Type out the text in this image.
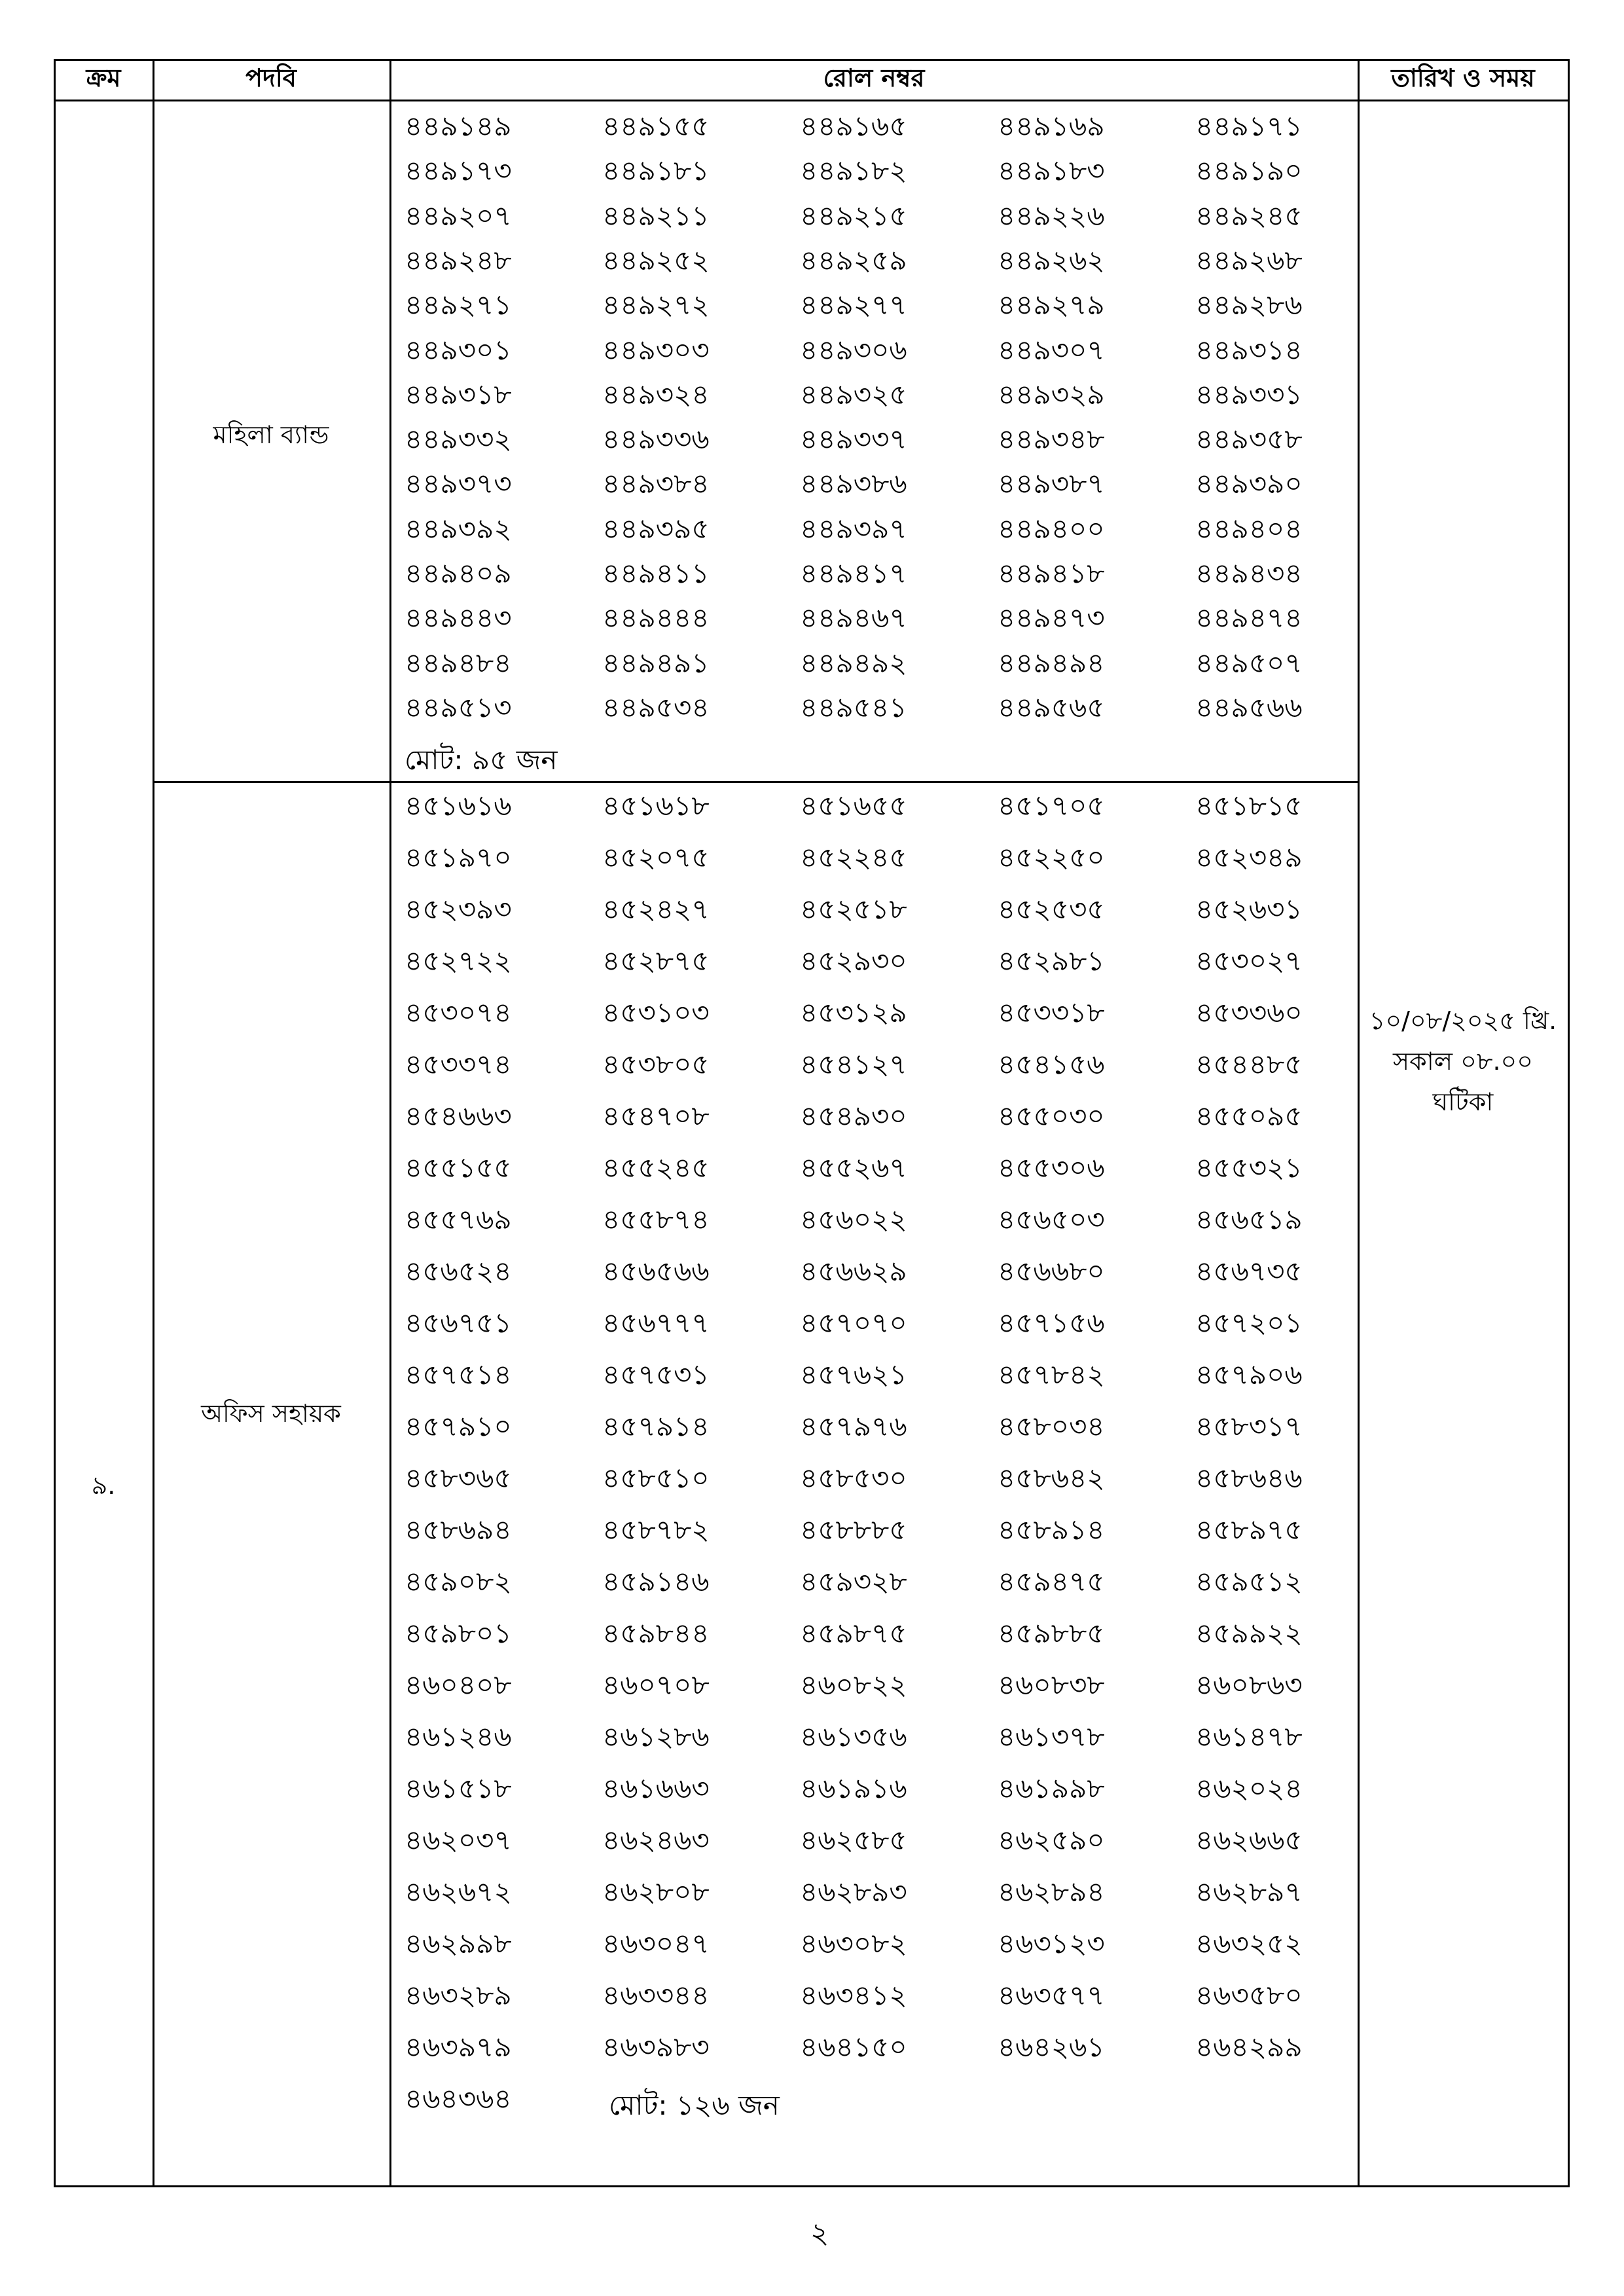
ক্রম	পদবি	রোল নম্বর	তারিখ ও সময়
মহিলা ব্যান্ড
৪৪৯১৪৯	৪৪৯১৫৫	৪৪৯১৬৫	৪৪৯১৬৯	৪৪৯১৭১
৪৪৯১৭৩	৪৪৯১৮১	৪৪৯১৮২	৪৪৯১৮৩	৪৪৯১৯০
৪৪৯২০৭	৪৪৯২১১	৪৪৯২১৫	৪৪৯২২৬	৪৪৯২৪৫
৪৪৯২৪৮	৪৪৯২৫২	৪৪৯২৫৯	৪৪৯২৬২	৪৪৯২৬৮
৪৪৯২৭১	৪৪৯২৭২	৪৪৯২৭৭	৪৪৯২৭৯	৪৪৯২৮৬
৪৪৯৩০১	৪৪৯৩০৩	৪৪৯৩০৬	৪৪৯৩০৭	৪৪৯৩১৪
৪৪৯৩১৮	৪৪৯৩২৪	৪৪৯৩২৫	৪৪৯৩২৯	৪৪৯৩৩১
৪৪৯৩৩২	৪৪৯৩৩৬	৪৪৯৩৩৭	৪৪৯৩৪৮	৪৪৯৩৫৮
৪৪৯৩৭৩	৪৪৯৩৮৪	৪৪৯৩৮৬	৪৪৯৩৮৭	৪৪৯৩৯০
৪৪৯৩৯২	৪৪৯৩৯৫	৪৪৯৩৯৭	৪৪৯৪০০	৪৪৯৪০৪
৪৪৯৪০৯	৪৪৯৪১১	৪৪৯৪১৭	৪৪৯৪১৮	৪৪৯৪৩৪
৪৪৯৪৪৩	৪৪৯৪৪৪	৪৪৯৪৬৭	৪৪৯৪৭৩	৪৪৯৪৭৪
৪৪৯৪৮৪	৪৪৯৪৯১	৪৪৯৪৯২	৪৪৯৪৯৪	৪৪৯৫০৭
৪৪৯৫১৩	৪৪৯৫৩৪	৪৪৯৫৪১	৪৪৯৫৬৫	৪৪৯৫৬৬
মোট: ৯৫ জন
৯.
অফিস সহায়ক
৪৫১৬১৬	৪৫১৬১৮	৪৫১৬৫৫	৪৫১৭০৫	৪৫১৮১৫
৪৫১৯৭০	৪৫২০৭৫	৪৫২২৪৫	৪৫২২৫০	৪৫২৩৪৯
৪৫২৩৯৩	৪৫২৪২৭	৪৫২৫১৮	৪৫২৫৩৫	৪৫২৬৩১
৪৫২৭২২	৪৫২৮৭৫	৪৫২৯৩০	৪৫২৯৮১	৪৫৩০২৭
৪৫৩০৭৪	৪৫৩১০৩	৪৫৩১২৯	৪৫৩৩১৮	৪৫৩৩৬০
৪৫৩৩৭৪	৪৫৩৮০৫	৪৫৪১২৭	৪৫৪১৫৬	৪৫৪৪৮৫
৪৫৪৬৬৩	৪৫৪৭০৮	৪৫৪৯৩০	৪৫৫০৩০	৪৫৫০৯৫
৪৫৫১৫৫	৪৫৫২৪৫	৪৫৫২৬৭	৪৫৫৩০৬	৪৫৫৩২১
৪৫৫৭৬৯	৪৫৫৮৭৪	৪৫৬০২২	৪৫৬৫০৩	৪৫৬৫১৯
৪৫৬৫২৪	৪৫৬৫৬৬	৪৫৬৬২৯	৪৫৬৬৮০	৪৫৬৭৩৫
৪৫৬৭৫১	৪৫৬৭৭৭	৪৫৭০৭০	৪৫৭১৫৬	৪৫৭২০১
৪৫৭৫১৪	৪৫৭৫৩১	৪৫৭৬২১	৪৫৭৮৪২	৪৫৭৯০৬
৪৫৭৯১০	৪৫৭৯১৪	৪৫৭৯৭৬	৪৫৮০৩৪	৪৫৮৩১৭
৪৫৮৩৬৫	৪৫৮৫১০	৪৫৮৫৩০	৪৫৮৬৪২	৪৫৮৬৪৬
৪৫৮৬৯৪	৪৫৮৭৮২	৪৫৮৮৮৫	৪৫৮৯১৪	৪৫৮৯৭৫
৪৫৯০৮২	৪৫৯১৪৬	৪৫৯৩২৮	৪৫৯৪৭৫	৪৫৯৫১২
৪৫৯৮০১	৪৫৯৮৪৪	৪৫৯৮৭৫	৪৫৯৮৮৫	৪৫৯৯২২
৪৬০৪০৮	৪৬০৭০৮	৪৬০৮২২	৪৬০৮৩৮	৪৬০৮৬৩
৪৬১২৪৬	৪৬১২৮৬	৪৬১৩৫৬	৪৬১৩৭৮	৪৬১৪৭৮
৪৬১৫১৮	৪৬১৬৬৩	৪৬১৯১৬	৪৬১৯৯৮	৪৬২০২৪
৪৬২০৩৭	৪৬২৪৬৩	৪৬২৫৮৫	৪৬২৫৯০	৪৬২৬৬৫
৪৬২৬৭২	৪৬২৮০৮	৪৬২৮৯৩	৪৬২৮৯৪	৪৬২৮৯৭
৪৬২৯৯৮	৪৬৩০৪৭	৪৬৩০৮২	৪৬৩১২৩	৪৬৩২৫২
৪৬৩২৮৯	৪৬৩৩৪৪	৪৬৩৪১২	৪৬৩৫৭৭	৪৬৩৫৮০
৪৬৩৯৭৯	৪৬৩৯৮৩	৪৬৪১৫০	৪৬৪২৬১	৪৬৪২৯৯
৪৬৪৩৬৪	মোট: ১২৬ জন
১০/০৮/২০২৫ খ্রি.
সকাল ০৮.০০
ঘটিকা
২
